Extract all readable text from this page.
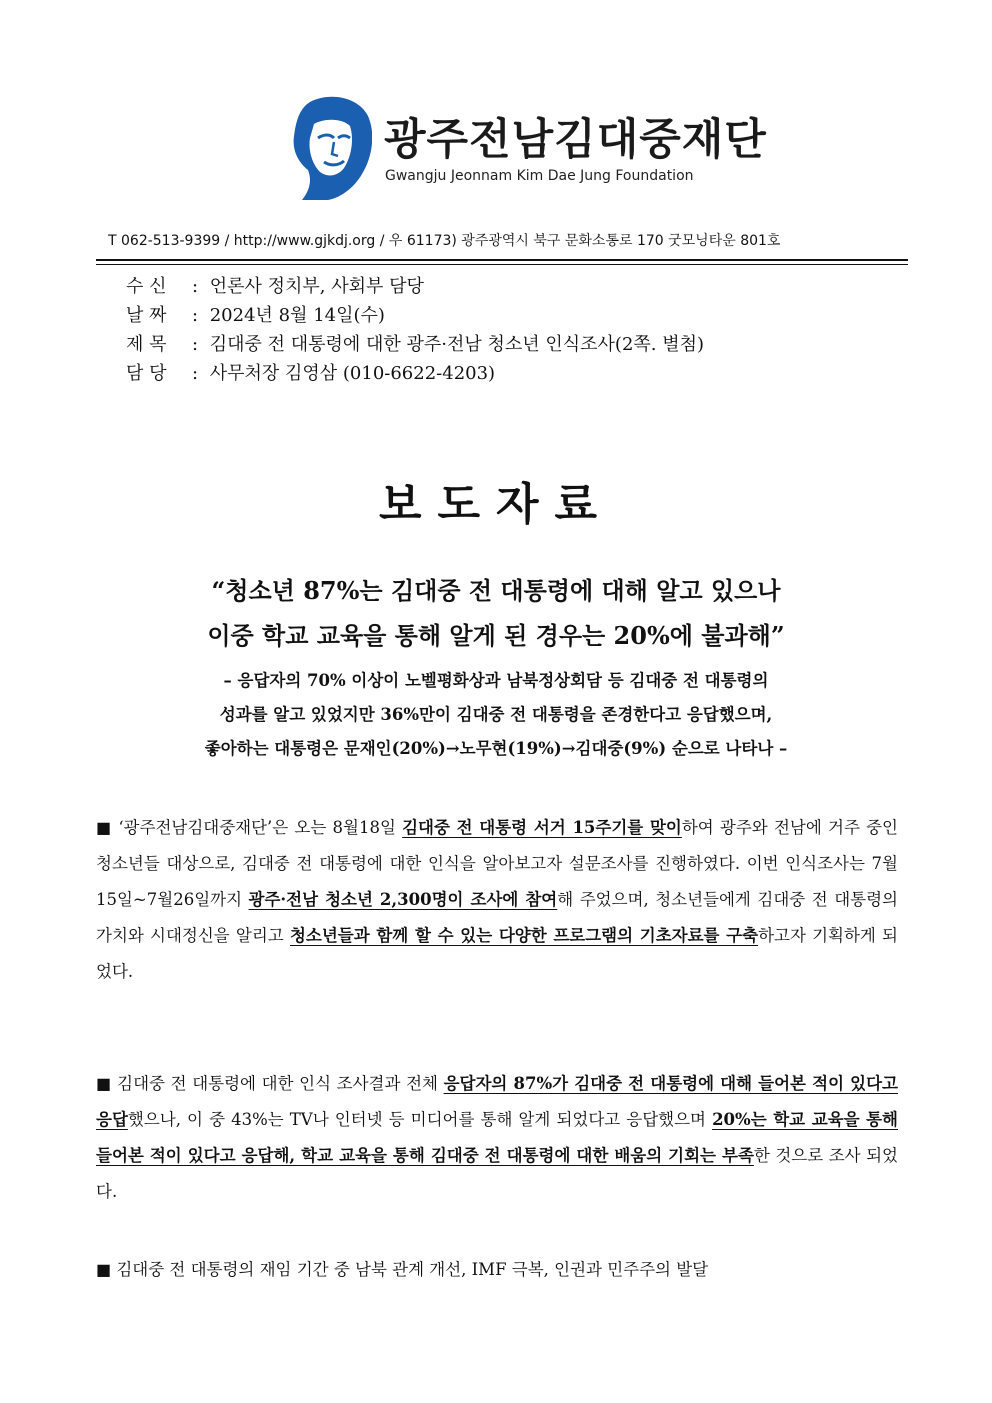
광주전남김대중재단
Gwangju Jeonnam Kim Dae Jung Foundation
T 062-513-9399 / http://www.gjkdj.org / 우 61173) 광주광역시 북구 문화소통로 170 굿모닝타운 801호
수 신 : 언론사 정치부, 사회부 담당
날 짜 : 2024년 8월 14일(수)
제 목 : 김대중 전 대통령에 대한 광주·전남 청소년 인식조사(2쪽. 별첨)
담 당 : 사무처장 김영삼 (010-6622-4203)
보도자료
“청소년 87%는 김대중 전 대통령에 대해 알고 있으나
이중 학교 교육을 통해 알게 된 경우는 20%에 불과해”
– 응답자의 70% 이상이 노벨평화상과 남북정상회담 등 김대중 전 대통령의
성과를 알고 있었지만 36%만이 김대중 전 대통령을 존경한다고 응답했으며,
좋아하는 대통령은 문재인(20%)→노무현(19%)→김대중(9%) 순으로 나타나 –
■ ‘광주전남김대중재단’은 오는 8월18일 김대중 전 대통령 서거 15주기를 맞이하여 광주와 전남에 거주 중인 청소년들 대상으로, 김대중 전 대통령에 대한 인식을 알아보고자 설문조사를 진행하였다. 이번 인식조사는 7월15일~7월26일까지 광주·전남 청소년 2,300명이 조사에 참여해 주었으며, 청소년들에게 김대중 전 대통령의 가치와 시대정신을 알리고 청소년들과 함께 할 수 있는 다양한 프로그램의 기초자료를 구축하고자 기획하게 되었다.
■ 김대중 전 대통령에 대한 인식 조사결과 전체 응답자의 87%가 김대중 전 대통령에 대해 들어본 적이 있다고 응답했으나, 이 중 43%는 TV나 인터넷 등 미디어를 통해 알게 되었다고 응답했으며 20%는 학교 교육을 통해 들어본 적이 있다고 응답해, 학교 교육을 통해 김대중 전 대통령에 대한 배움의 기회는 부족한 것으로 조사 되었다.
■ 김대중 전 대통령의 재임 기간 중 남북 관계 개선, IMF 극복, 인권과 민주주의 발달
